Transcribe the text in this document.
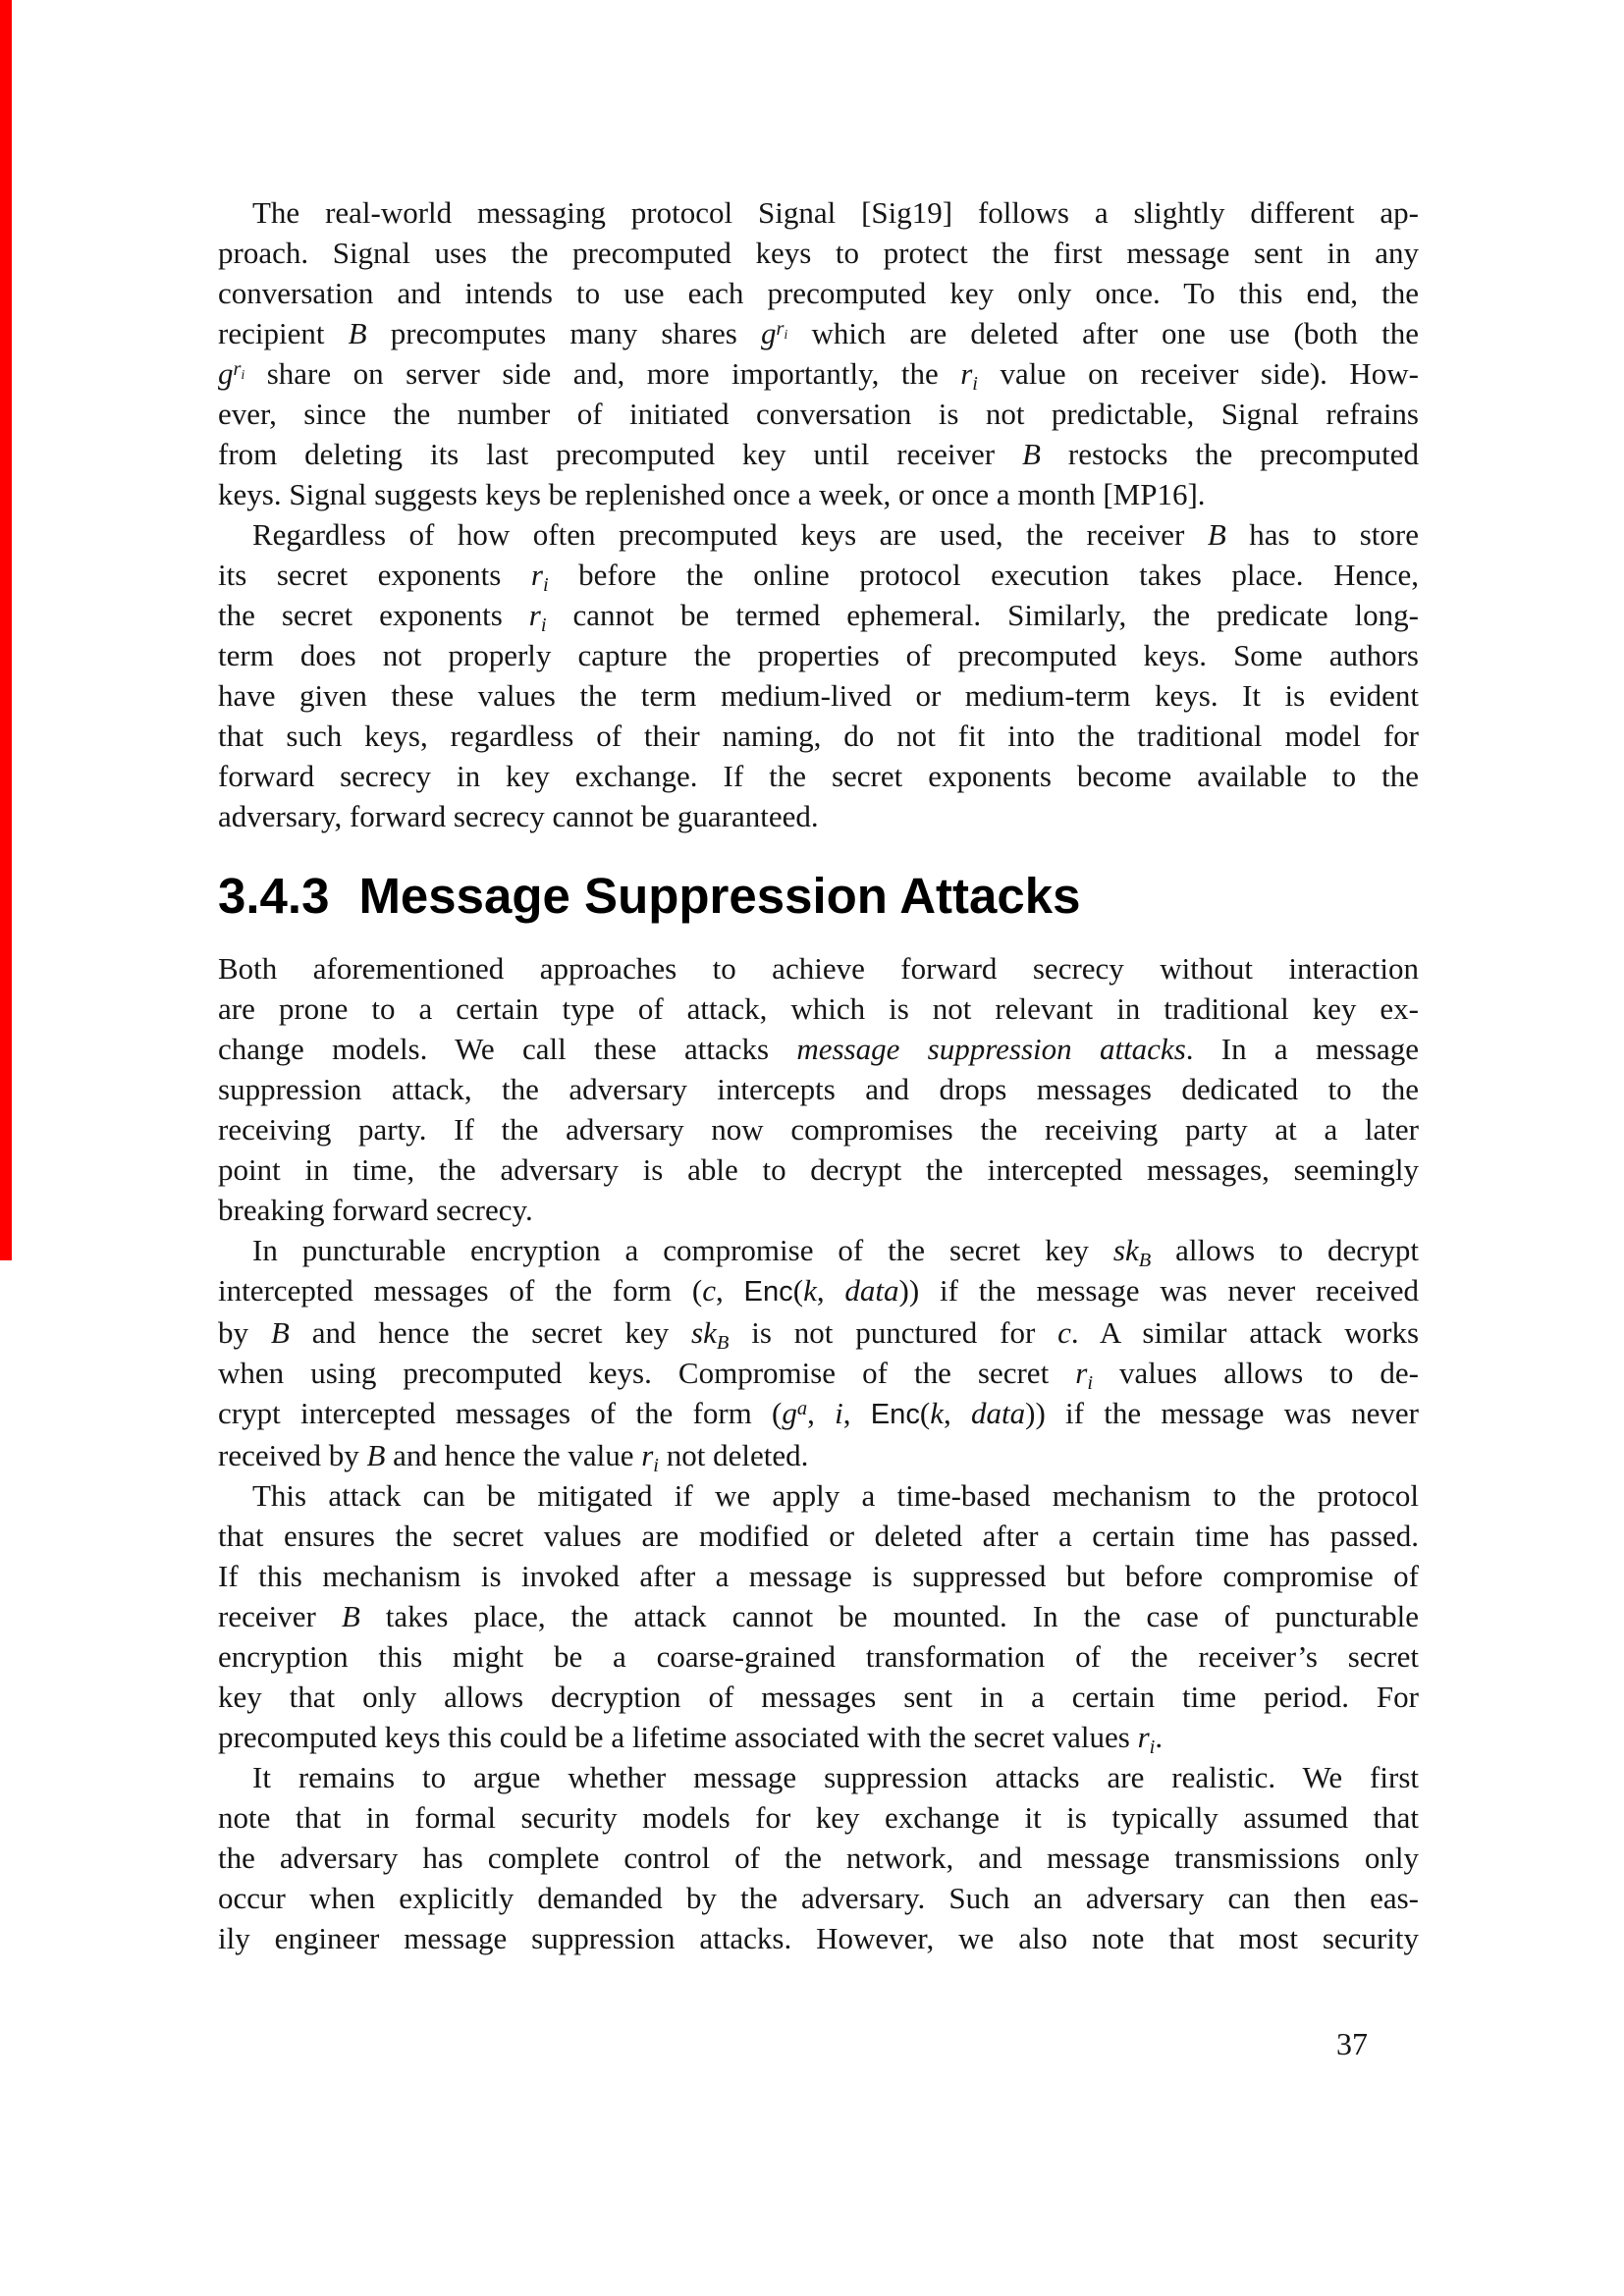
The real-world messaging protocol Signal [Sig19] follows a slightly different ap-
proach. Signal uses the precomputed keys to protect the first message sent in any
conversation and intends to use each precomputed key only once. To this end, the
recipient B precomputes many shares $g^{r_i}$ which are deleted after one use (both the
$g^{r_i}$ share on server side and, more importantly, the ri value on receiver side). How-
ever, since the number of initiated conversation is not predictable, Signal refrains
from deleting its last precomputed key until receiver B restocks the precomputed
keys. Signal suggests keys be replenished once a week, or once a month [MP16].
Regardless of how often precomputed keys are used, the receiver B has to store
its secret exponents ri before the online protocol execution takes place. Hence,
the secret exponents ri cannot be termed ephemeral. Similarly, the predicate long-
term does not properly capture the properties of precomputed keys. Some authors
have given these values the term medium-lived or medium-term keys. It is evident
that such keys, regardless of their naming, do not fit into the traditional model for
forward secrecy in key exchange. If the secret exponents become available to the
adversary, forward secrecy cannot be guaranteed.
3.4.3 Message Suppression Attacks
Both aforementioned approaches to achieve forward secrecy without interaction
are prone to a certain type of attack, which is not relevant in traditional key ex-
change models. We call these attacks message suppression attacks. In a message
suppression attack, the adversary intercepts and drops messages dedicated to the
receiving party. If the adversary now compromises the receiving party at a later
point in time, the adversary is able to decrypt the intercepted messages, seemingly
breaking forward secrecy.
In puncturable encryption a compromise of the secret key skB allows to decrypt
intercepted messages of the form (c, Enc(k, data)) if the message was never received
by B and hence the secret key skB is not punctured for c. A similar attack works
when using precomputed keys. Compromise of the secret ri values allows to de-
crypt intercepted messages of the form ($g^a$, i, Enc(k, data)) if the message was never
received by B and hence the value ri not deleted.
This attack can be mitigated if we apply a time-based mechanism to the protocol
that ensures the secret values are modified or deleted after a certain time has passed.
If this mechanism is invoked after a message is suppressed but before compromise of
receiver B takes place, the attack cannot be mounted. In the case of puncturable
encryption this might be a coarse-grained transformation of the receiver’s secret
key that only allows decryption of messages sent in a certain time period. For
precomputed keys this could be a lifetime associated with the secret values ri.
It remains to argue whether message suppression attacks are realistic. We first
note that in formal security models for key exchange it is typically assumed that
the adversary has complete control of the network, and message transmissions only
occur when explicitly demanded by the adversary. Such an adversary can then eas-
ily engineer message suppression attacks. However, we also note that most security
37
